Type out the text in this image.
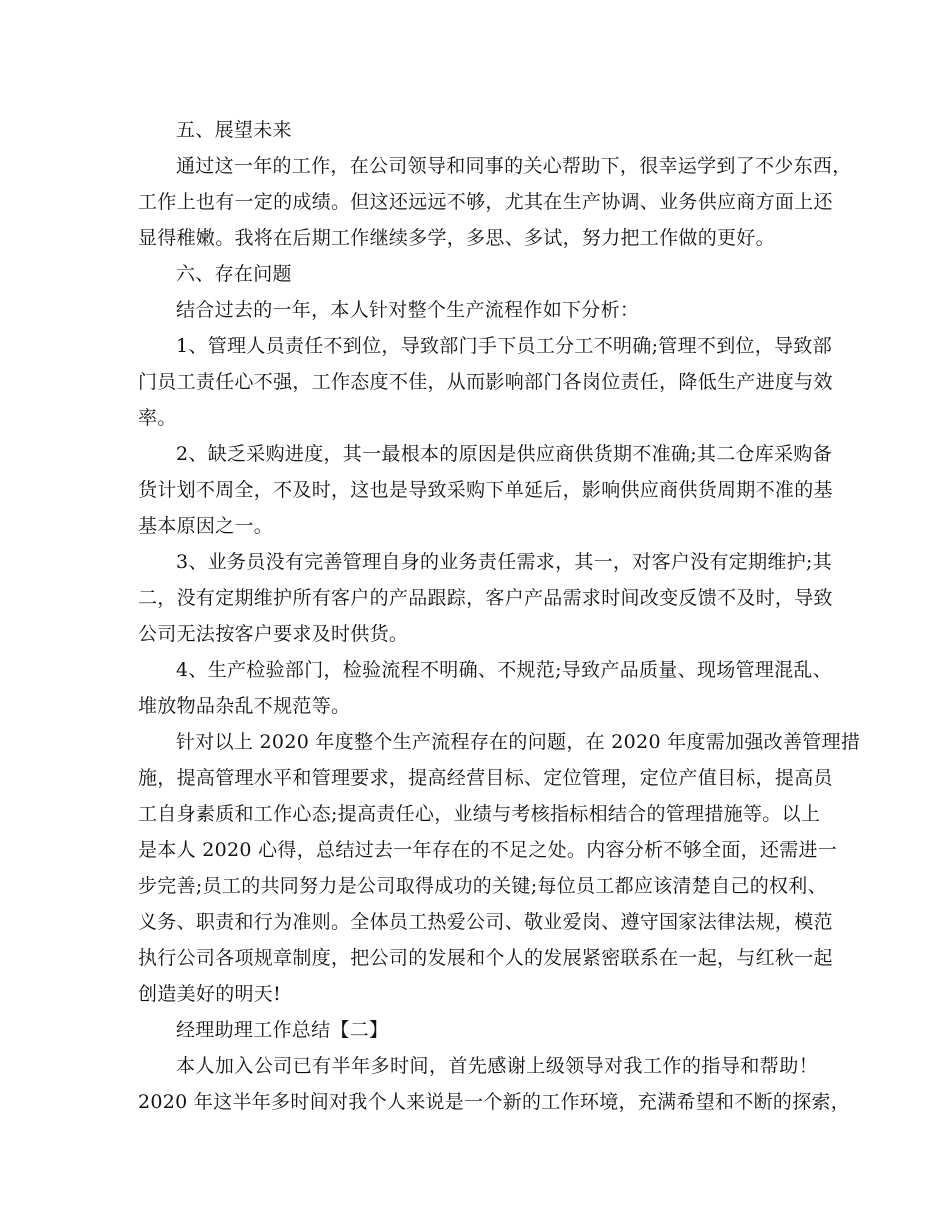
五、展望未来
通过这一年的工作，在公司领导和同事的关心帮助下，很幸运学到了不少东西，
工作上也有一定的成绩。但这还远远不够，尤其在生产协调、业务供应商方面上还
显得稚嫩。我将在后期工作继续多学，多思、多试，努力把工作做的更好。
六、存在问题
结合过去的一年，本人针对整个生产流程作如下分析：
1、管理人员责任不到位，导致部门手下员工分工不明确;管理不到位，导致部
门员工责任心不强，工作态度不佳，从而影响部门各岗位责任，降低生产进度与效
率。
2、缺乏采购进度，其一最根本的原因是供应商供货期不准确;其二仓库采购备
货计划不周全，不及时，这也是导致采购下单延后，影响供应商供货周期不准的基
基本原因之一。
3、业务员没有完善管理自身的业务责任需求，其一，对客户没有定期维护;其
二，没有定期维护所有客户的产品跟踪，客户产品需求时间改变反馈不及时，导致
公司无法按客户要求及时供货。
4、生产检验部门，检验流程不明确、不规范;导致产品质量、现场管理混乱、
堆放物品杂乱不规范等。
针对以上 2020 年度整个生产流程存在的问题，在 2020 年度需加强改善管理措
施，提高管理水平和管理要求，提高经营目标、定位管理，定位产值目标，提高员
工自身素质和工作心态;提高责任心，业绩与考核指标相结合的管理措施等。以上
是本人 2020 心得，总结过去一年存在的不足之处。内容分析不够全面，还需进一
步完善;员工的共同努力是公司取得成功的关键;每位员工都应该清楚自己的权利、
义务、职责和行为准则。全体员工热爱公司、敬业爱岗、遵守国家法律法规，模范
执行公司各项规章制度，把公司的发展和个人的发展紧密联系在一起，与红秋一起
创造美好的明天!
经理助理工作总结【二】
本人加入公司已有半年多时间，首先感谢上级领导对我工作的指导和帮助！
2020 年这半年多时间对我个人来说是一个新的工作环境，充满希望和不断的探索，
